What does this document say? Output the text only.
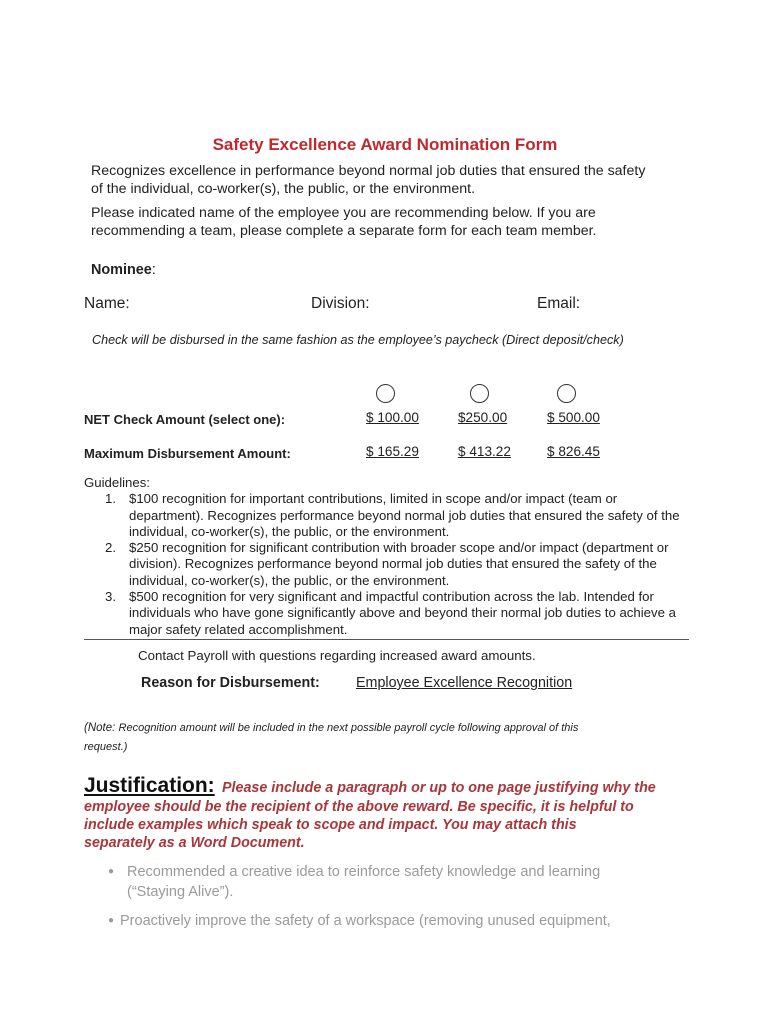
Safety Excellence Award Nomination Form
Recognizes excellence in performance beyond normal job duties that ensured the safety
of the individual, co-worker(s), the public, or the environment.
Please indicated name of the employee you are recommending below. If you are
recommending a team, please complete a separate form for each team member.
Nominee:
Name:	Division:	Email:
Check will be disbursed in the same fashion as the employee’s paycheck (Direct deposit/check)
NET Check Amount (select one):	$ 100.00	$250.00	$ 500.00
Maximum Disbursement Amount:	$ 165.29	$ 413.22	$ 826.45
Guidelines:
1. $100 recognition for important contributions, limited in scope and/or impact (team or department). Recognizes performance beyond normal job duties that ensured the safety of the individual, co-worker(s), the public, or the environment.
2. $250 recognition for significant contribution with broader scope and/or impact (department or division). Recognizes performance beyond normal job duties that ensured the safety of the individual, co-worker(s), the public, or the environment.
3. $500 recognition for very significant and impactful contribution across the lab. Intended for individuals who have gone significantly above and beyond their normal job duties to achieve a major safety related accomplishment.
Contact Payroll with questions regarding increased award amounts.
Reason for Disbursement:	Employee Excellence Recognition
(Note: Recognition amount will be included in the next possible payroll cycle following approval of this
request.)
Justification: Please include a paragraph or up to one page justifying why the
employee should be the recipient of the above reward. Be specific, it is helpful to
include examples which speak to scope and impact. You may attach this
separately as a Word Document.
● Recommended a creative idea to reinforce safety knowledge and learning
(“Staying Alive”).
● Proactively improve the safety of a workspace (removing unused equipment,
